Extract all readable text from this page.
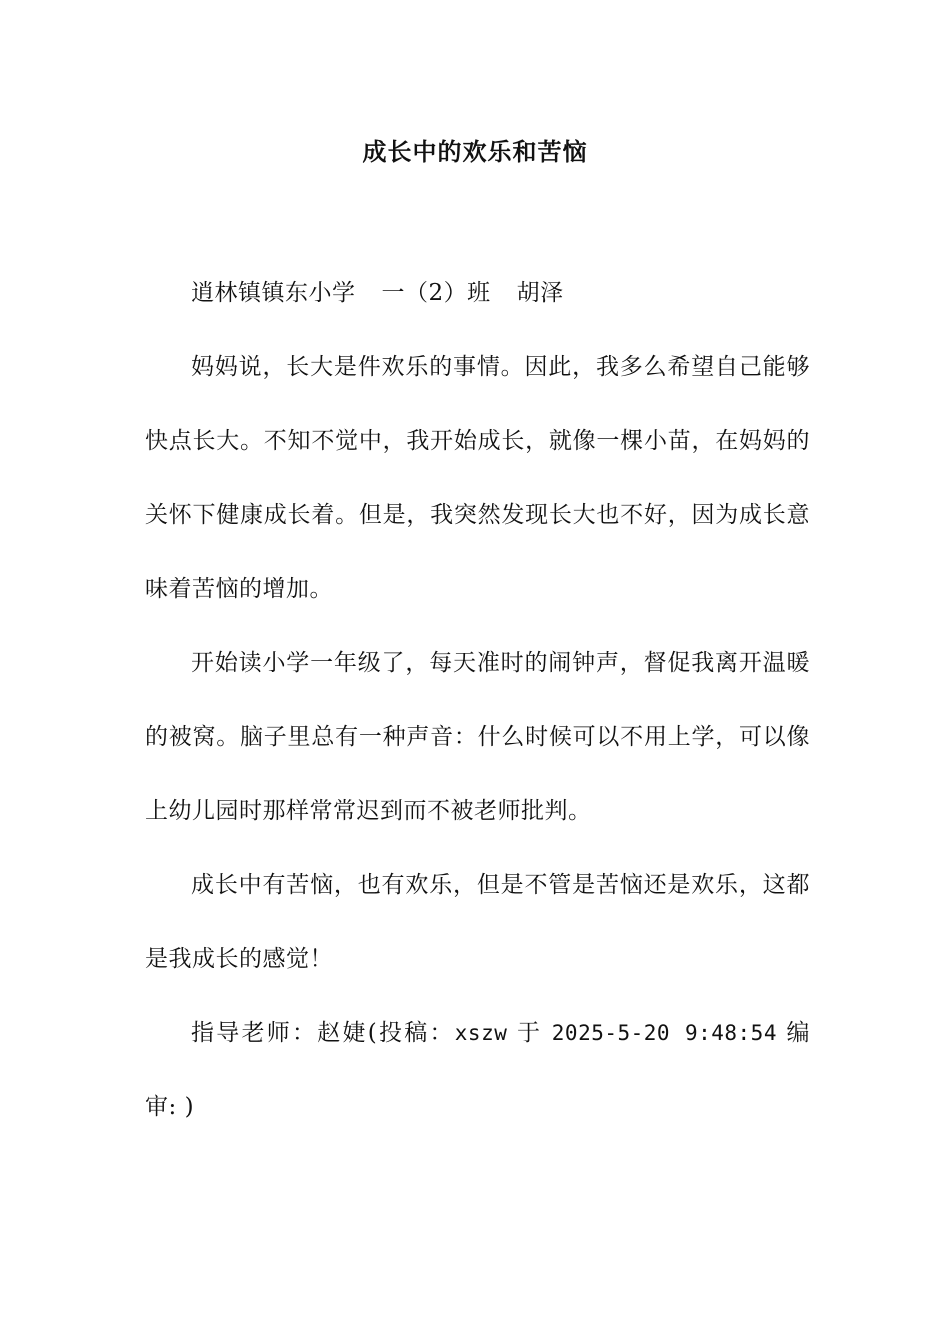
成长中的欢乐和苦恼

逍林镇镇东小学 一（2）班 胡泽

妈妈说，长大是件欢乐的事情。因此，我多么希望自己能够快点长大。不知不觉中，我开始成长，就像一棵小苗，在妈妈的关怀下健康成长着。但是，我突然发现长大也不好，因为成长意味着苦恼的增加。

开始读小学一年级了，每天准时的闹钟声，督促我离开温暖的被窝。脑子里总有一种声音：什么时候可以不用上学，可以像上幼儿园时那样常常迟到而不被老师批判。

成长中有苦恼，也有欢乐，但是不管是苦恼还是欢乐，这都是我成长的感觉！

指导老师：赵婕(投稿：xszw 于 2025-5-20 9:48:54 编审: )
